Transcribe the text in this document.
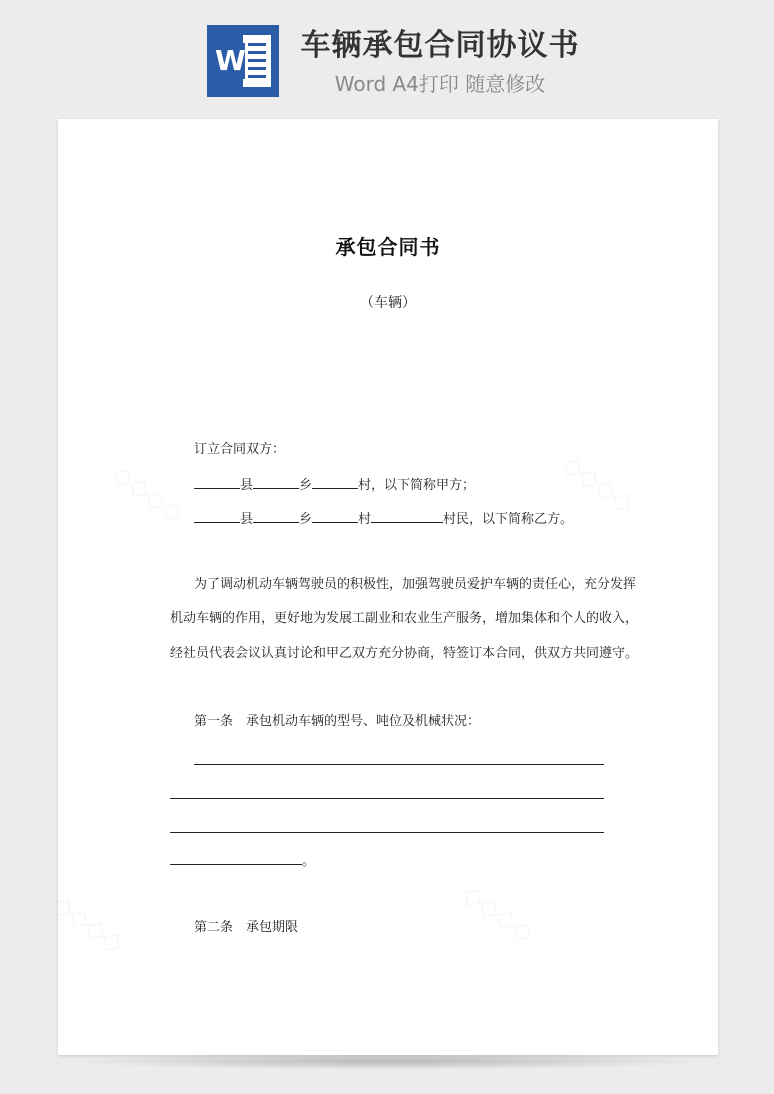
W 车辆承包合同协议书
Word A4打印 随意修改
承包合同书
（车辆）
订立合同双方：
县	乡	村，以下简称甲方；
县	乡	村	村民，以下简称乙方。
为了调动机动车辆驾驶员的积极性，加强驾驶员爱护车辆的责任心，充分发挥
机动车辆的作用，更好地为发展工副业和农业生产服务，增加集体和个人的收入，
经社员代表会议认真讨论和甲乙双方充分协商，特签订本合同，供双方共同遵守。
第一条 承包机动车辆的型号、吨位及机械状况：
。
第二条 承包期限
